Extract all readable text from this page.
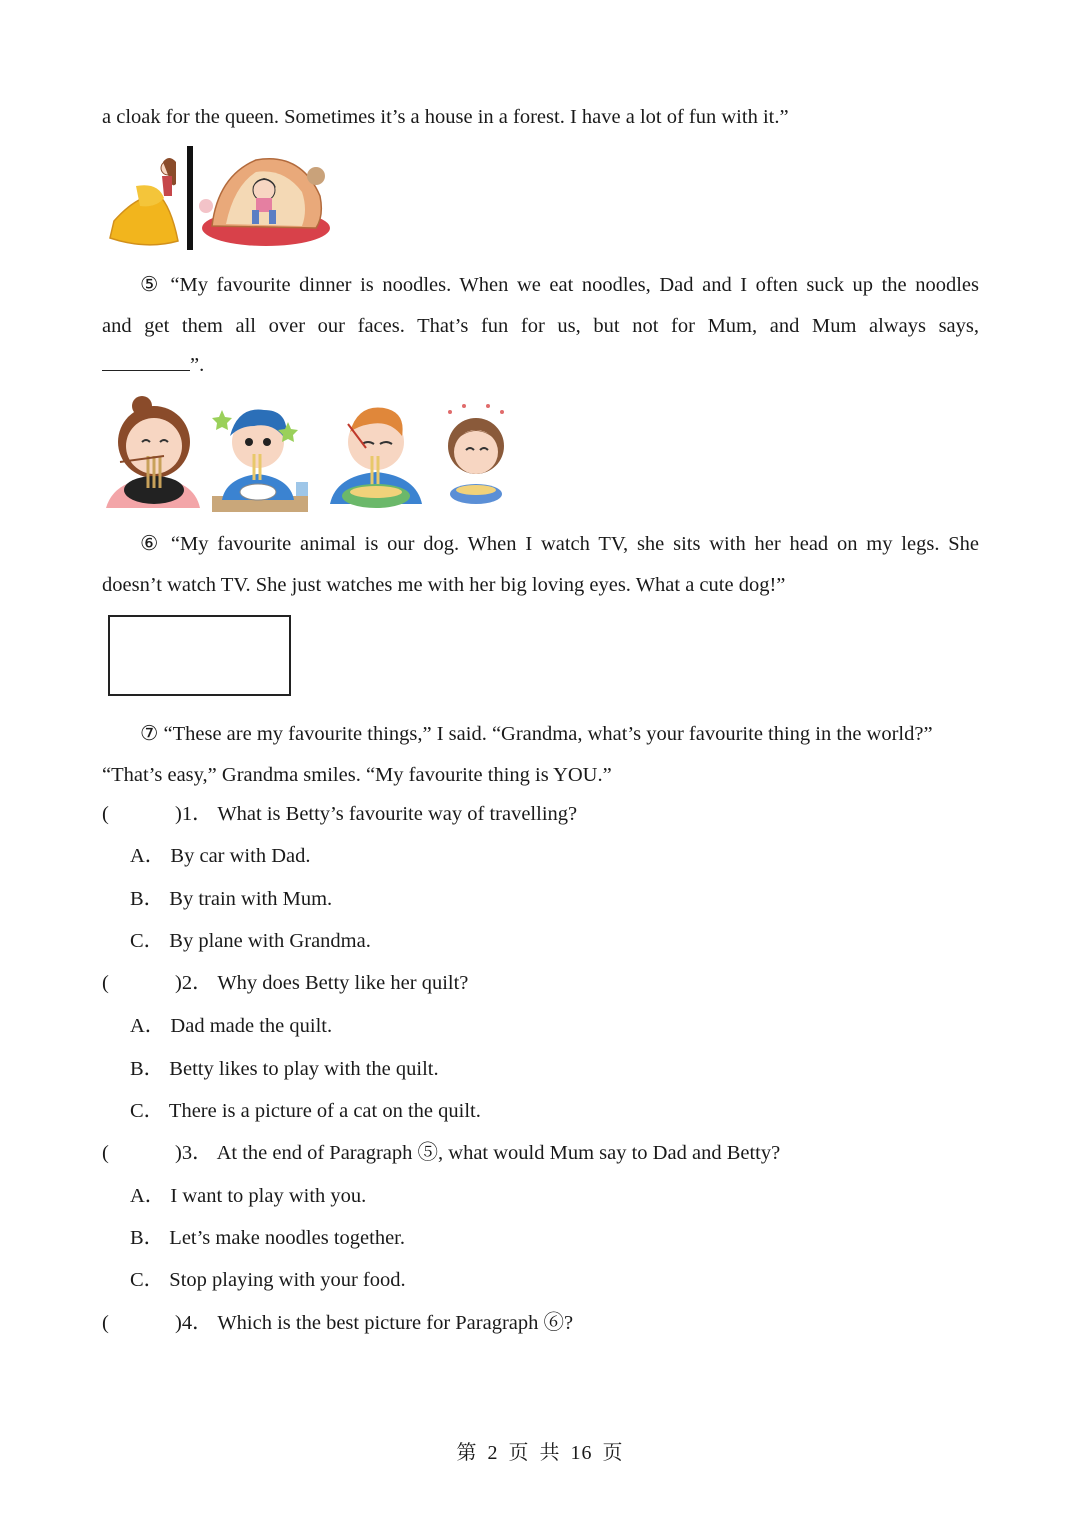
a cloak for the queen. Sometimes it’s a house in a forest. I have a lot of fun with it.”
⑤ “My favourite dinner is noodles. When we eat noodles, Dad and I often suck up the noodles
and get them all over our faces. That’s fun for us, but not for Mum, and Mum always says,
”.
⑥ “My favourite animal is our dog. When I watch TV, she sits with her head on my legs. She
doesn’t watch TV. She just watches me with her big loving eyes. What a cute dog!”
⑦ “These are my favourite things,” I said. “Grandma, what’s your favourite thing in the world?”
“That’s easy,” Grandma smiles. “My favourite thing is YOU.”
(	)1． What is Betty’s favourite way of travelling?
A． By car with Dad.
B． By train with Mum.
C． By plane with Grandma.
(	)2． Why does Betty like her quilt?
A． Dad made the quilt.
B． Betty likes to play with the quilt.
C． There is a picture of a cat on the quilt.
(	)3． At the end of Paragraph ⑤, what would Mum say to Dad and Betty?
A． I want to play with you.
B． Let’s make noodles together.
C． Stop playing with your food.
(	)4． Which is the best picture for Paragraph ⑥?
第 2 页 共 16 页
